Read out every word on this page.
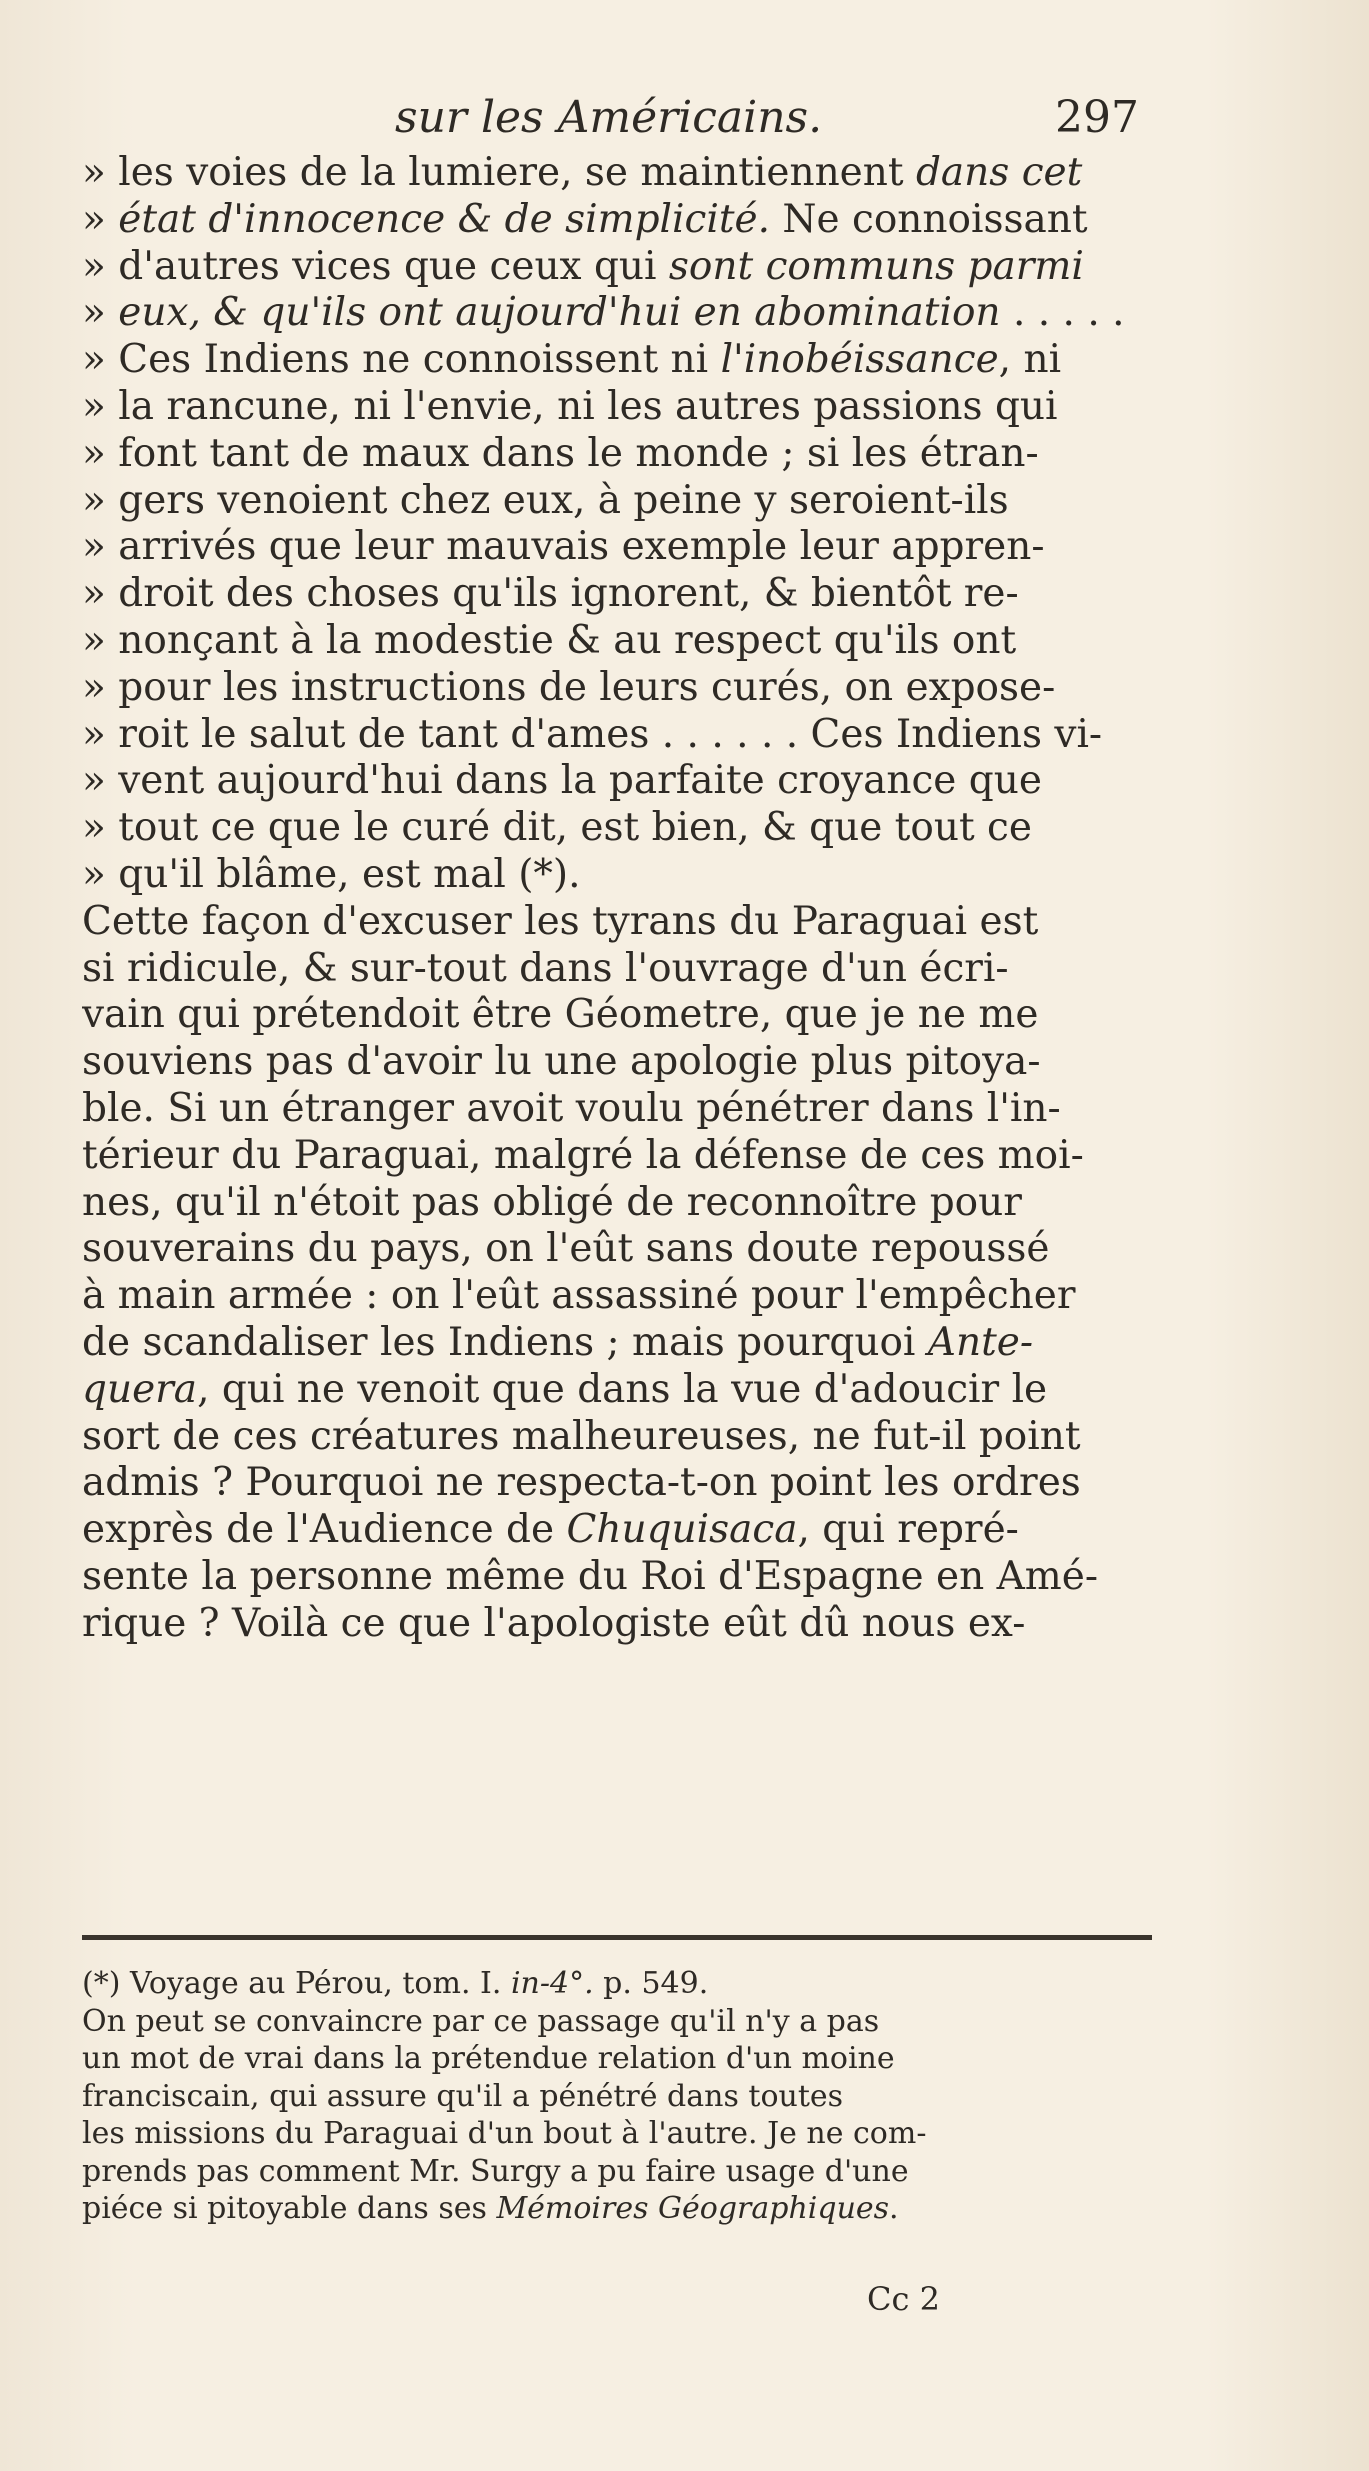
sur les Américains.	297
» les voies de la lumiere, se maintiennent dans cet
» état d'innocence & de simplicité. Ne connoissant
» d'autres vices que ceux qui sont communs parmi
» eux, & qu'ils ont aujourd'hui en abomination . . . . .
» Ces Indiens ne connoissent ni l'inobéissance, ni
» la rancune, ni l'envie, ni les autres passions qui
» font tant de maux dans le monde ; si les étran-
» gers venoient chez eux, à peine y seroient-ils
» arrivés que leur mauvais exemple leur appren-
» droit des choses qu'ils ignorent, & bientôt re-
» nonçant à la modestie & au respect qu'ils ont
» pour les instructions de leurs curés, on expose-
» roit le salut de tant d'ames . . . . . . Ces Indiens vi-
» vent aujourd'hui dans la parfaite croyance que
» tout ce que le curé dit, est bien, & que tout ce
» qu'il blâme, est mal (*).
Cette façon d'excuser les tyrans du Paraguai est
si ridicule, & sur-tout dans l'ouvrage d'un écri-
vain qui prétendoit être Géometre, que je ne me
souviens pas d'avoir lu une apologie plus pitoya-
ble. Si un étranger avoit voulu pénétrer dans l'in-
térieur du Paraguai, malgré la défense de ces moi-
nes, qu'il n'étoit pas obligé de reconnoître pour
souverains du pays, on l'eût sans doute repoussé
à main armée : on l'eût assassiné pour l'empêcher
de scandaliser les Indiens ; mais pourquoi Ante-
quera, qui ne venoit que dans la vue d'adoucir le
sort de ces créatures malheureuses, ne fut-il point
admis ? Pourquoi ne respecta-t-on point les ordres
exprès de l'Audience de Chuquisaca, qui repré-
sente la personne même du Roi d'Espagne en Amé-
rique ? Voilà ce que l'apologiste eût dû nous ex-
(*) Voyage au Pérou, tom. I. in-4°. p. 549.
On peut se convaincre par ce passage qu'il n'y a pas
un mot de vrai dans la prétendue relation d'un moine
franciscain, qui assure qu'il a pénétré dans toutes
les missions du Paraguai d'un bout à l'autre. Je ne com-
prends pas comment Mr. Surgy a pu faire usage d'une
piéce si pitoyable dans ses Mémoires Géographiques.
Cc 2
